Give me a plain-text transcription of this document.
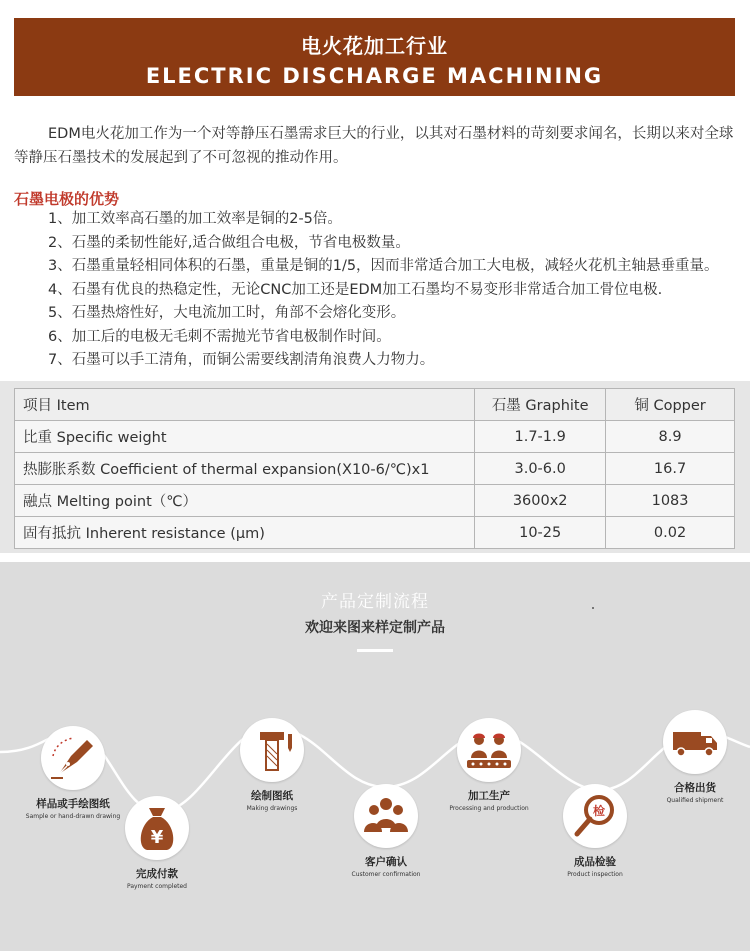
电火花加工行业
ELECTRIC DISCHARGE MACHINING

EDM电火花加工作为一个对等静压石墨需求巨大的行业，以其对石墨材料的苛刻要求闻名，长期以来对全球等静压石墨技术的发展起到了不可忽视的推动作用。

石墨电极的优势
1、加工效率高石墨的加工效率是铜的2-5倍。
2、石墨的柔韧性能好,适合做组合电极，节省电极数量。
3、石墨重量轻相同体积的石墨，重量是铜的1/5，因而非常适合加工大电极，减轻火花机主轴悬垂重量。
4、石墨有优良的热稳定性，无论CNC加工还是EDM加工石墨均不易变形非常适合加工骨位电极.
5、石墨热熔性好，大电流加工时，角部不会熔化变形。
6、加工后的电极无毛刺不需抛光节省电极制作时间。
7、石墨可以手工清角，而铜公需要线割清角浪费人力物力。
项目 Item	石墨 Graphite	铜 Copper
比重 Specific weight	1.7-1.9	8.9
热膨胀系数 Coefficient of thermal expansion(X10-6/℃)x1	3.0-6.0	16.7
融点 Melting point（℃）	3600x2	1083
固有抵抗 Inherent resistance (μm)	10-25	0.02
产品定制流程
欢迎来图来样定制产品
样品或手绘图纸
Sample or hand-drawn drawing
¥
完成付款
Payment completed
绘制图纸
Making drawings
客户确认
Customer confirmation
加工生产
Processing and production	检
成品检验
Product inspection
合格出货
Qualified shipment
